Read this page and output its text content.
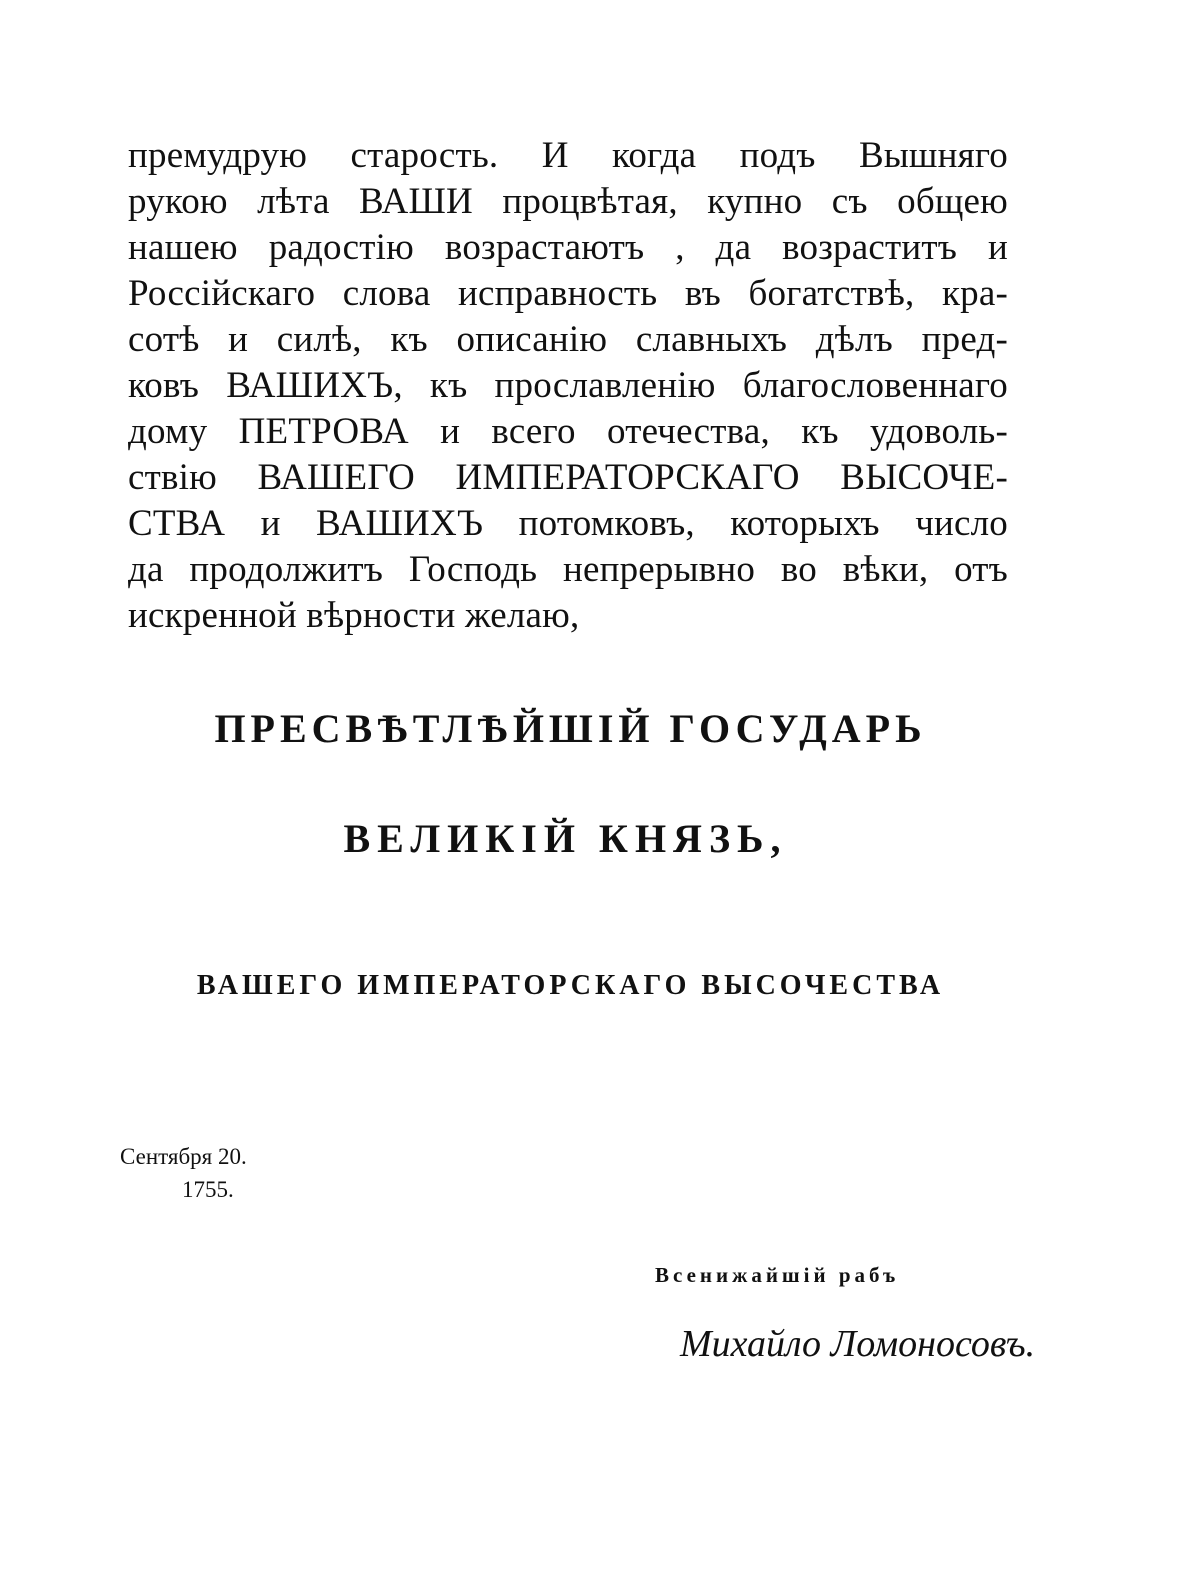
премудрую старость. И когда подъ Вышняго
рукою лѣта ВАШИ процвѣтая, купно съ общею
нашею радостiю возрастаютъ , да возраститъ и
Россiйскаго слова исправность въ богатствѣ, кра-
сотѣ и силѣ, къ описанiю славныхъ дѣлъ пред-
ковъ ВАШИХЪ, къ прославленiю благословеннаго
дому ПЕТРОВА и всего отечества, къ удоволь-
ствiю ВАШЕГО ИМПЕРАТОРСКАГО ВЫСОЧЕ-
СТВА и ВАШИХЪ потомковъ, которыхъ число
да продолжитъ Господь непрерывно во вѣки, отъ
искренной вѣрности желаю,
ПРЕСВѢТЛѢЙШIЙ ГОСУДАРЬ
ВЕЛИКIЙ КНЯЗЬ,
ВАШЕГО ИМПЕРАТОРСКАГО ВЫСОЧЕСТВА
Сентября 20.
1755.
Всенижайшiй рабъ
Михайло Ломоносовъ.
